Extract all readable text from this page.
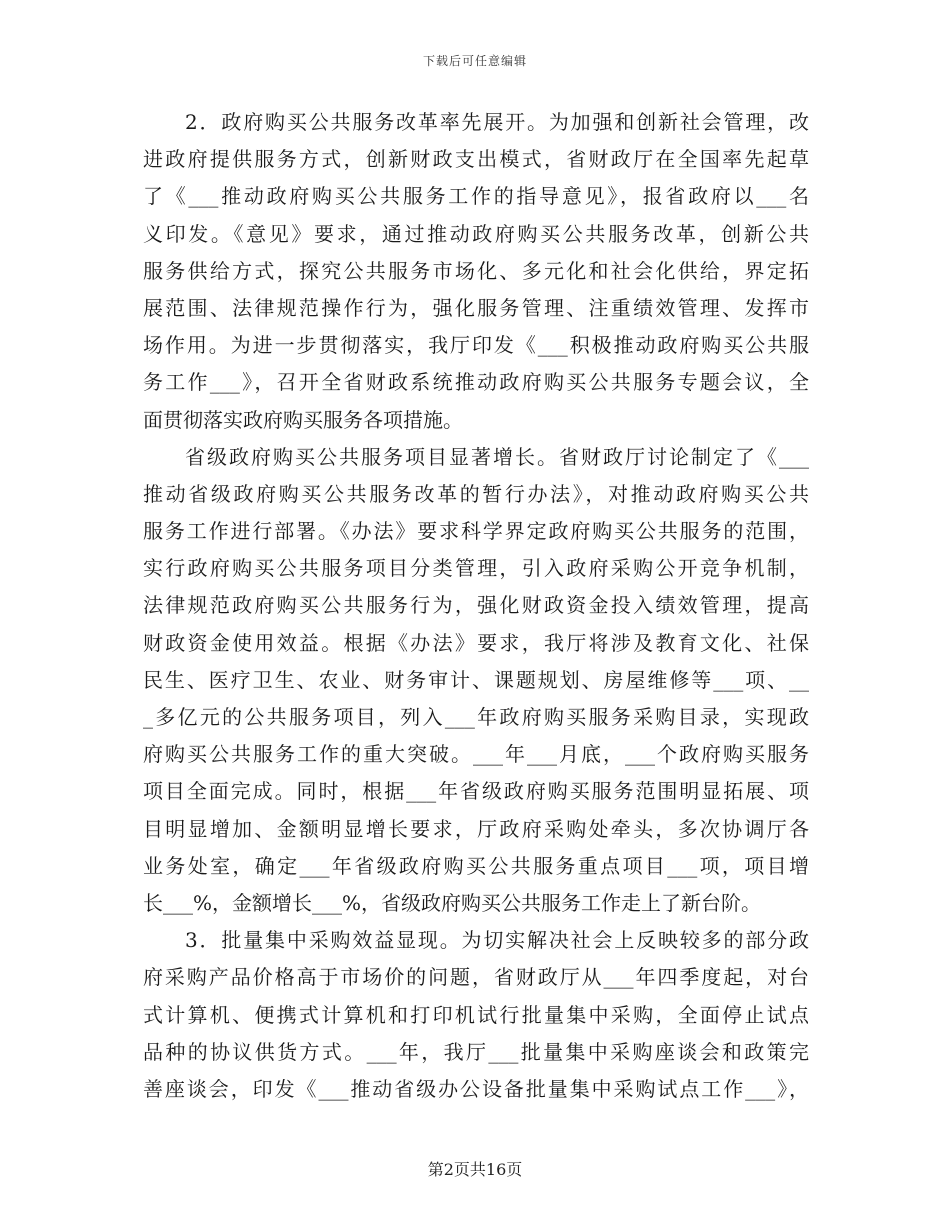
下载后可任意编辑
2．政府购买公共服务改革率先展开。为加强和创新社会管理，改
进政府提供服务方式，创新财政支出模式，省财政厅在全国率先起草
了《___推动政府购买公共服务工作的指导意见》，报省政府以___名
义印发。《意见》要求，通过推动政府购买公共服务改革，创新公共
服务供给方式，探究公共服务市场化、多元化和社会化供给，界定拓
展范围、法律规范操作行为，强化服务管理、注重绩效管理、发挥市
场作用。为进一步贯彻落实，我厅印发《___积极推动政府购买公共服
务工作___》，召开全省财政系统推动政府购买公共服务专题会议，全
面贯彻落实政府购买服务各项措施。
省级政府购买公共服务项目显著增长。省财政厅讨论制定了《___
推动省级政府购买公共服务改革的暂行办法》，对推动政府购买公共
服务工作进行部署。《办法》要求科学界定政府购买公共服务的范围，
实行政府购买公共服务项目分类管理，引入政府采购公开竞争机制，
法律规范政府购买公共服务行为，强化财政资金投入绩效管理，提高
财政资金使用效益。根据《办法》要求，我厅将涉及教育文化、社保
民生、医疗卫生、农业、财务审计、课题规划、房屋维修等___项、__
_多亿元的公共服务项目，列入___年政府购买服务采购目录，实现政
府购买公共服务工作的重大突破。___年___月底，___个政府购买服务
项目全面完成。同时，根据___年省级政府购买服务范围明显拓展、项
目明显增加、金额明显增长要求，厅政府采购处牵头，多次协调厅各
业务处室，确定___年省级政府购买公共服务重点项目___项，项目增
长___%，金额增长___%，省级政府购买公共服务工作走上了新台阶。
3．批量集中采购效益显现。为切实解决社会上反映较多的部分政
府采购产品价格高于市场价的问题，省财政厅从___年四季度起，对台
式计算机、便携式计算机和打印机试行批量集中采购，全面停止试点
品种的协议供货方式。___年，我厅___批量集中采购座谈会和政策完
善座谈会，印发《___推动省级办公设备批量集中采购试点工作___》，
第2页共16页
